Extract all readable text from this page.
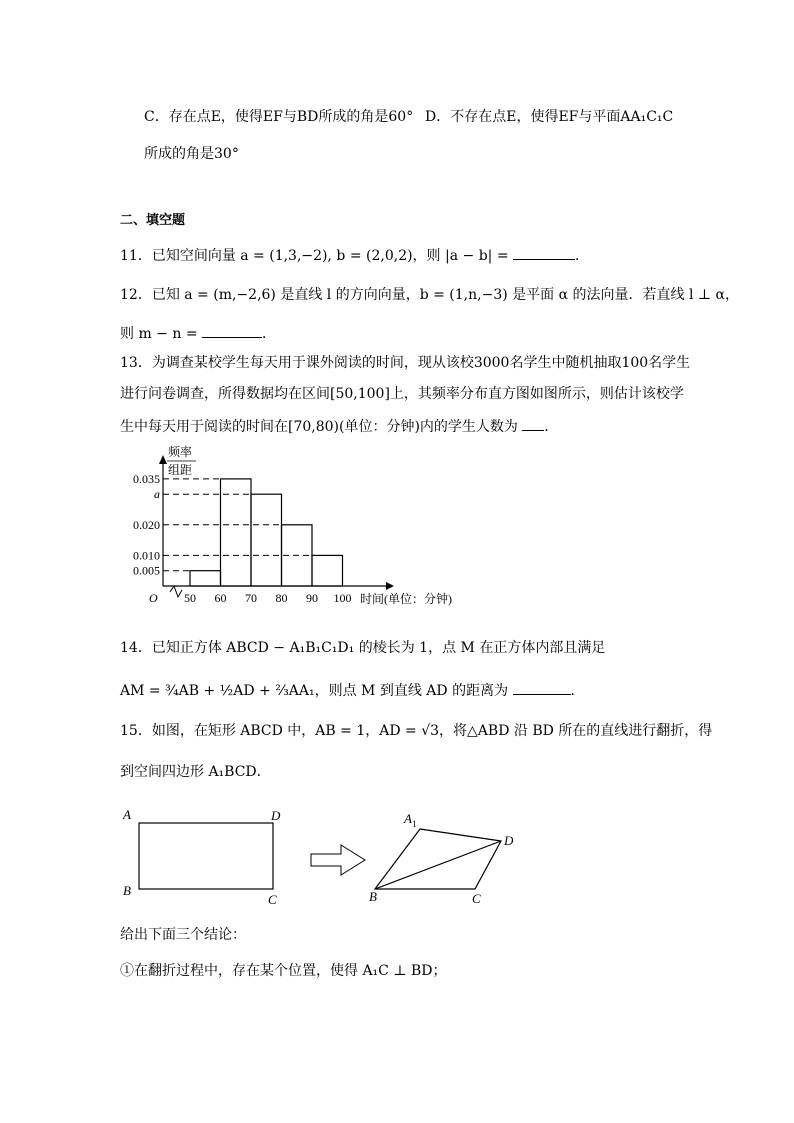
C．存在点E，使得EF与BD所成的角是60° D．不存在点E，使得EF与平面AA₁C₁C
所成的角是30°
二、填空题
11．已知空间向量 a = (1,3,−2), b = (2,0,2)，则 |a − b| =	．
12．已知 a = (m,−2,6) 是直线 l 的方向向量，b = (1,n,−3) 是平面 α 的法向量．若直线 l ⊥ α，
则 m − n =	．
13．为调查某校学生每天用于课外阅读的时间，现从该校3000名学生中随机抽取100名学生
进行问卷调查，所得数据均在区间[50,100]上，其频率分布直方图如图所示，则估计该校学
生中每天用于阅读的时间在[70,80)(单位：分钟)内的学生人数为 ．
频率
组距
0.035
a
0.020
0.010
0.005
50 60 70 80 90 100
O	时间(单位：分钟)
14．已知正方体 ABCD − A₁B₁C₁D₁ 的棱长为 1，点 M 在正方体内部且满足
AM = ¾AB + ½AD + ⅔AA₁，则点 M 到直线 AD 的距离为	．
15．如图，在矩形 ABCD 中，AB = 1，AD = √3，将△ABD 沿 BD 所在的直线进行翻折，得
到空间四边形 A₁BCD．
A	D
B
C
$A_1$
D
B	C
给出下面三个结论：
①在翻折过程中，存在某个位置，使得 A₁C ⊥ BD；
